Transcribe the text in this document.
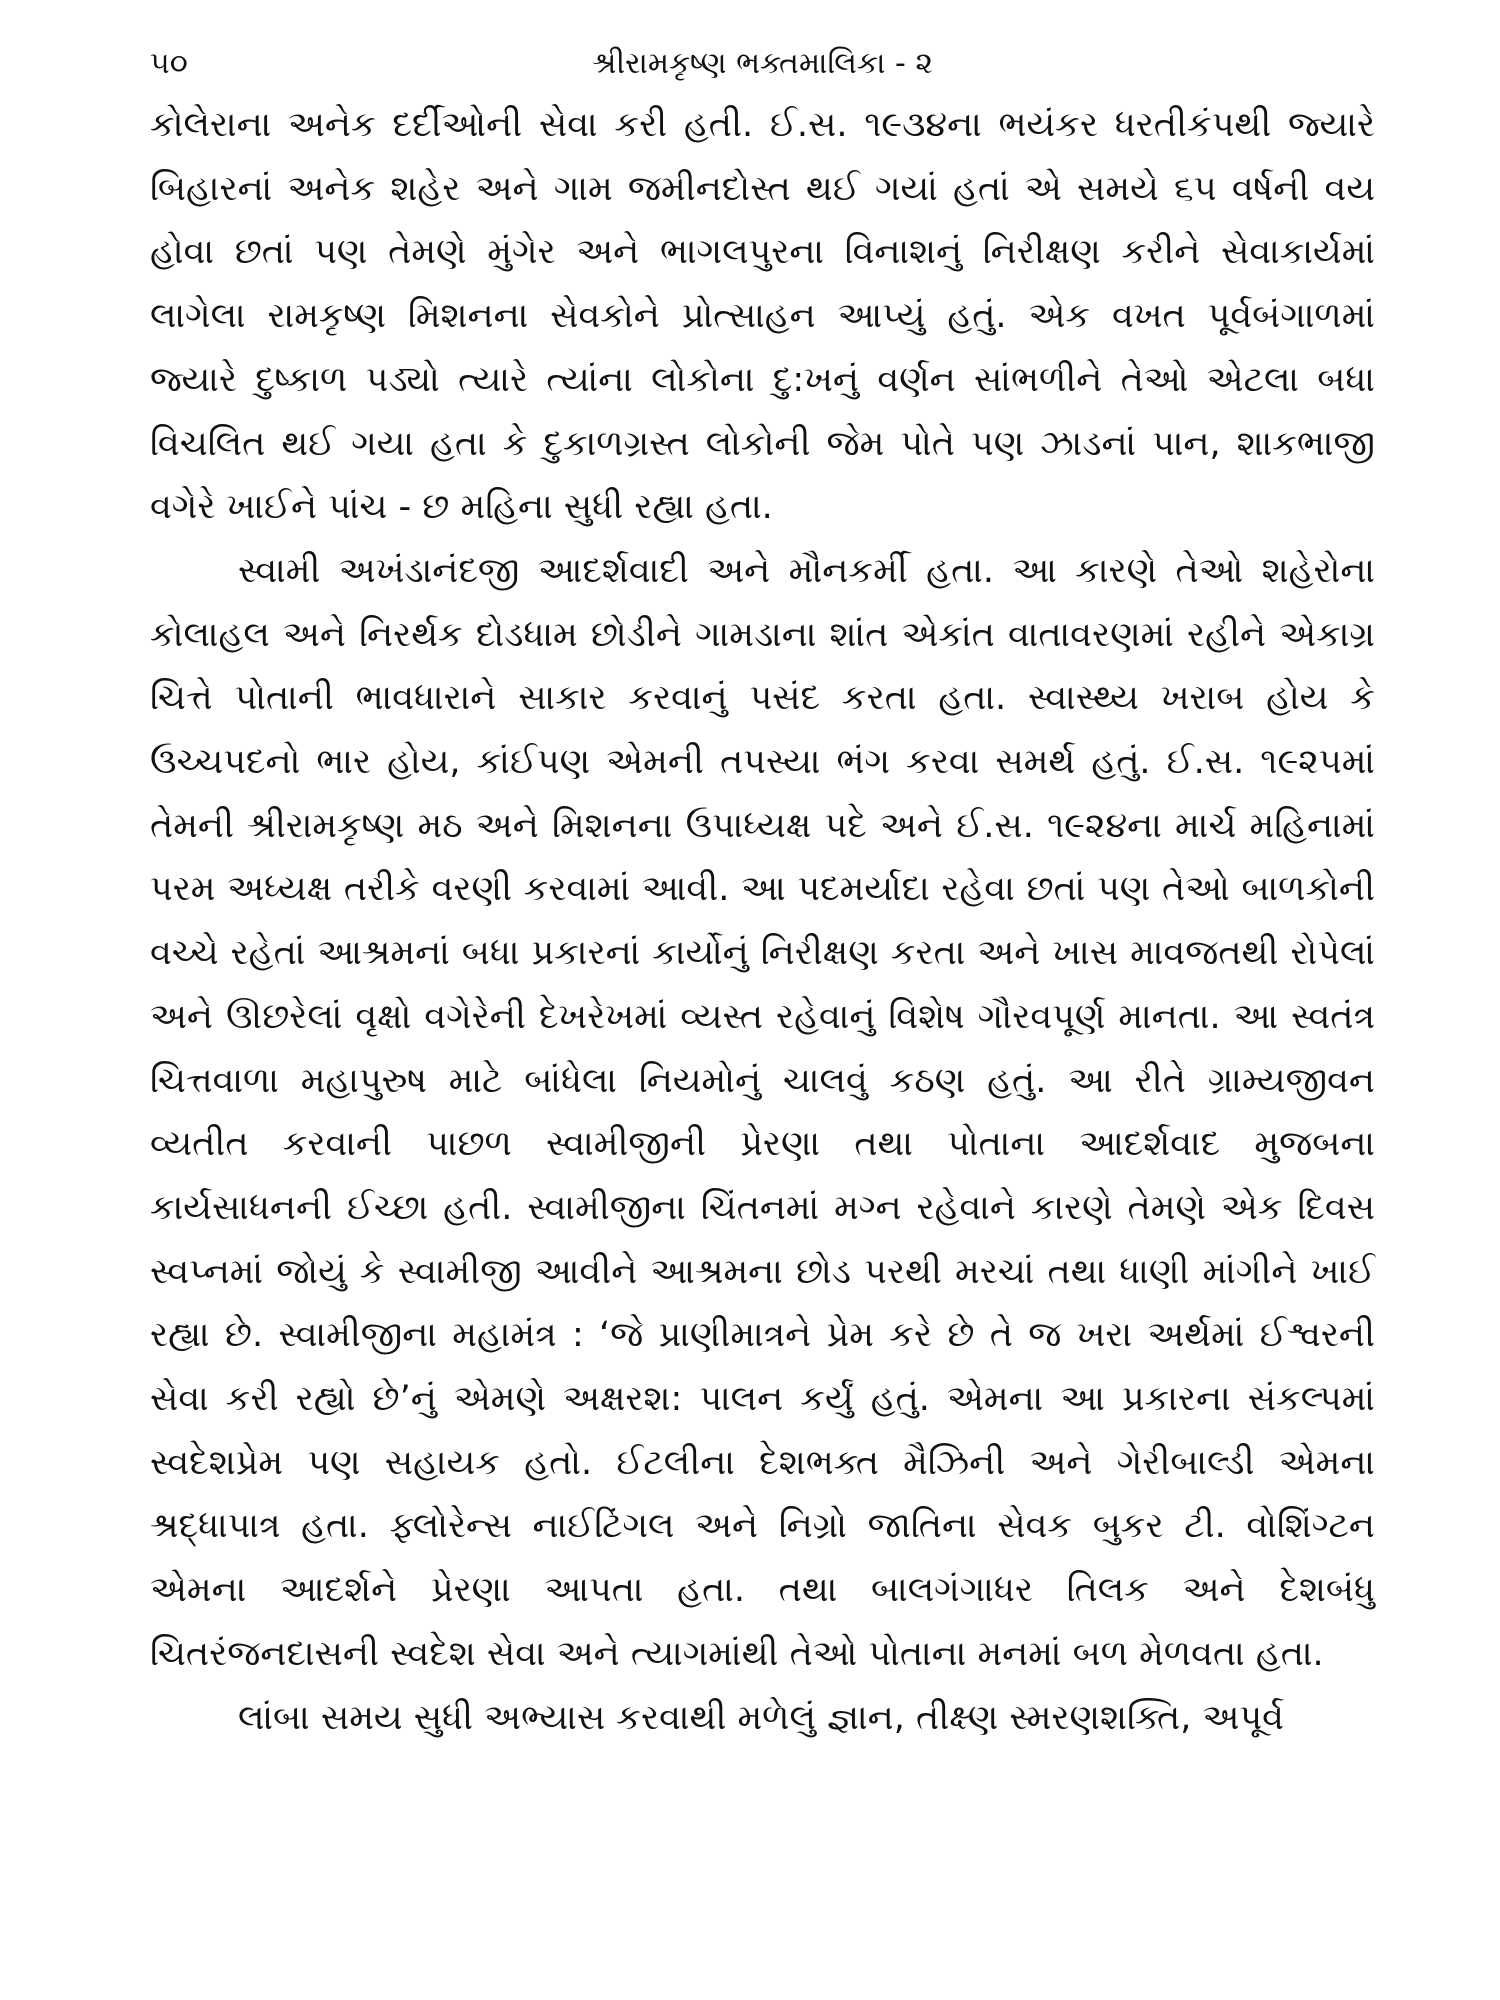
૫૦	શ્રીરામકૃષ્ણ ભક્તમાલિકા - ૨

કોલેરાના અનેક દર્દીઓની સેવા કરી હતી. ઈ.સ. ૧૯૩૪ના ભયંકર ધરતીકંપથી જ્યારે બિહારનાં અનેક શહેર અને ગામ જમીનદોસ્ત થઈ ગયાં હતાં એ સમયે ૬૫ વર્ષની વય હોવા છતાં પણ તેમણે મુંગેર અને ભાગલપુરના વિનાશનું નિરીક્ષણ કરીને સેવાકાર્યમાં લાગેલા રામકૃષ્ણ મિશનના સેવકોને પ્રોત્સાહન આપ્યું હતું. એક વખત પૂર્વબંગાળમાં જ્યારે દુષ્કાળ પડ્યો ત્યારે ત્યાંના લોકોના દુ:ખનું વર્ણન સાંભળીને તેઓ એટલા બધા વિચલિત થઈ ગયા હતા કે દુકાળગ્રસ્ત લોકોની જેમ પોતે પણ ઝાડનાં પાન, શાકભાજી વગેરે ખાઈને પાંચ - છ મહિના સુધી રહ્યા હતા.

સ્વામી અખંડાનંદજી આદર્શવાદી અને મૌનકર્મી હતા. આ કારણે તેઓ શહેરોના કોલાહલ અને નિરર્થક દોડધામ છોડીને ગામડાના શાંત એકાંત વાતાવરણમાં રહીને એકાગ્ર ચિત્તે પોતાની ભાવધારાને સાકાર કરવાનું પસંદ કરતા હતા. સ્વાસ્થ્ય ખરાબ હોય કે ઉચ્ચપદનો ભાર હોય, કાંઈપણ એમની તપસ્યા ભંગ કરવા સમર્થ હતું. ઈ.સ. ૧૯૨૫માં તેમની શ્રીરામકૃષ્ણ મઠ અને મિશનના ઉપાધ્યક્ષ પદે અને ઈ.સ. ૧૯૨૪ના માર્ચ મહિનામાં પરમ અધ્યક્ષ તરીકે વરણી કરવામાં આવી. આ પદમર્યાદા રહેવા છતાં પણ તેઓ બાળકોની વચ્ચે રહેતાં આશ્રમનાં બધા પ્રકારનાં કાર્યોનું નિરીક્ષણ કરતા અને ખાસ માવજતથી રોપેલાં અને ઊછરેલાં વૃક્ષો વગેરેની દેખરેખમાં વ્યસ્ત રહેવાનું વિશેષ ગૌરવપૂર્ણ માનતા. આ સ્વતંત્ર ચિત્તવાળા મહાપુરુષ માટે બાંધેલા નિયમોનું ચાલવું કઠણ હતું. આ રીતે ગ્રામ્યજીવન વ્યતીત કરવાની પાછળ સ્વામીજીની પ્રેરણા તથા પોતાના આદર્શવાદ મુજબના કાર્યસાધનની ઈચ્છા હતી. સ્વામીજીના ચિંતનમાં મગ્ન રહેવાને કારણે તેમણે એક દિવસ સ્વપ્નમાં જોયું કે સ્વામીજી આવીને આશ્રમના છોડ પરથી મરચાં તથા ધાણી માંગીને ખાઈ રહ્યા છે. સ્વામીજીના મહામંત્ર : ‘જે પ્રાણીમાત્રને પ્રેમ કરે છે તે જ ખરા અર્થમાં ઈશ્વરની સેવા કરી રહ્યો છે’નું એમણે અક્ષરશ: પાલન કર્યું હતું. એમના આ પ્રકારના સંકલ્પમાં સ્વદેશપ્રેમ પણ સહાયક હતો. ઈટલીના દેશભક્ત મૈઝિની અને ગેરીબાલ્ડી એમના શ્રદ્ધાપાત્ર હતા. ફ્લોરેન્સ નાઈટિંગલ અને નિગ્રો જાતિના સેવક બુકર ટી. વોશિંગ્ટન એમના આદર્શને પ્રેરણા આપતા હતા. તથા બાલગંગાધર તિલક અને દેશબંધુ ચિતરંજનદાસની સ્વદેશ સેવા અને ત્યાગમાંથી તેઓ પોતાના મનમાં બળ મેળવતા હતા.

લાંબા સમય સુધી અભ્યાસ કરવાથી મળેલું જ્ઞાન, તીક્ષ્ણ સ્મરણશક્તિ, અપૂર્વ
